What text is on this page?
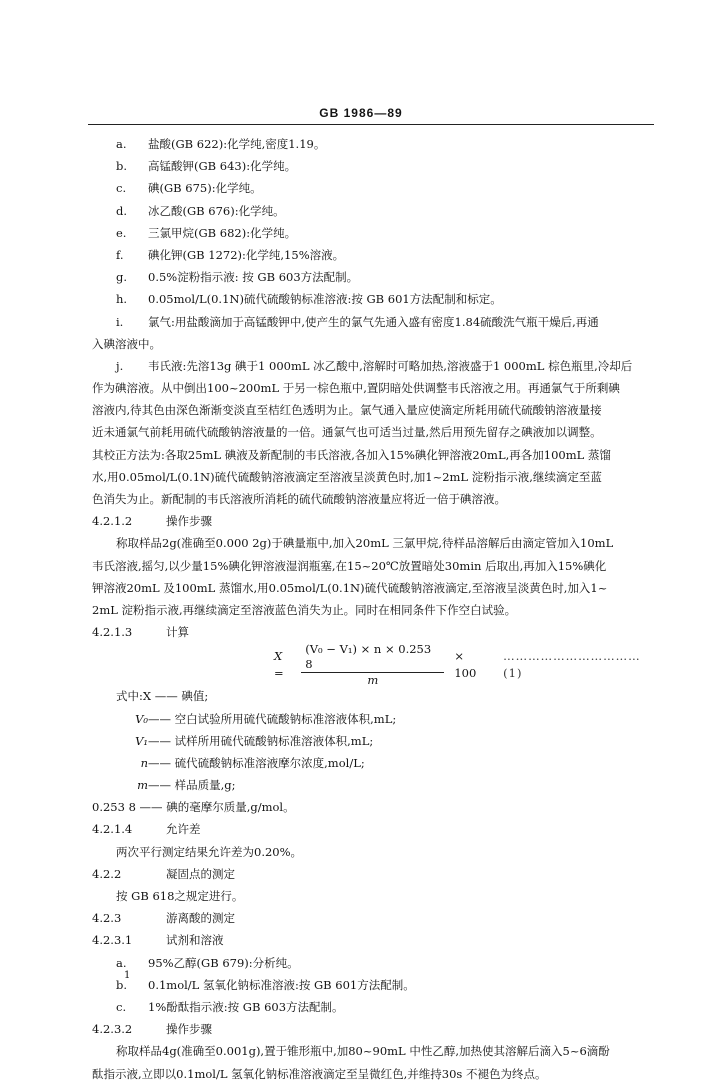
GB 1986—89

a.	盐酸(GB 622):化学纯,密度1.19。

b.	高锰酸钾(GB 643):化学纯。

c.	碘(GB 675):化学纯。

d.	冰乙酸(GB 676):化学纯。

e.	三氯甲烷(GB 682):化学纯。

f.	碘化钾(GB 1272):化学纯,15%溶液。

g.	0.5%淀粉指示液: 按 GB 603方法配制。

h.	0.05mol/L(0.1N)硫代硫酸钠标准溶液:按 GB 601方法配制和标定。

i.	氯气:用盐酸滴加于高锰酸钾中,使产生的氯气先通入盛有密度1.84硫酸洗气瓶干燥后,再通

入碘溶液中。

j.	韦氏液:先溶13g 碘于1 000mL 冰乙酸中,溶解时可略加热,溶液盛于1 000mL 棕色瓶里,冷却后

作为碘溶液。从中倒出100~200mL 于另一棕色瓶中,置阴暗处供调整韦氏溶液之用。再通氯气于所剩碘

溶液内,待其色由深色渐渐变淡直至桔红色透明为止。氯气通入量应使滴定所耗用硫代硫酸钠溶液量接

近未通氯气前耗用硫代硫酸钠溶液量的一倍。通氯气也可适当过量,然后用预先留存之碘液加以调整。

其校正方法为:各取25mL 碘液及新配制的韦氏溶液,各加入15%碘化钾溶液20mL,再各加100mL 蒸馏

水,用0.05mol/L(0.1N)硫代硫酸钠溶液滴定至溶液呈淡黄色时,加1~2mL 淀粉指示液,继续滴定至蓝

色消失为止。新配制的韦氏溶液所消耗的硫代硫酸钠溶液量应将近一倍于碘溶液。

4.2.1.2	操作步骤

称取样品2g(准确至0.000 2g)于碘量瓶中,加入20mL 三氯甲烷,待样品溶解后由滴定管加入10mL

韦氏溶液,摇匀,以少量15%碘化钾溶液湿润瓶塞,在15~20℃放置暗处30min 后取出,再加入15%碘化

钾溶液20mL 及100mL 蒸馏水,用0.05mol/L(0.1N)硫代硫酸钠溶液滴定,至溶液呈淡黄色时,加入1~

2mL 淀粉指示液,再继续滴定至溶液蓝色消失为止。同时在相同条件下作空白试验。

4.2.1.3	计算

X =	$\frac{\text{(V₀ − V₁) × n × 0.253 8}}{m} \times 100$
……………………………(1)

式中:X —— 碘值;

V₀—— 空白试验所用硫代硫酸钠标准溶液体积,mL;

V₁—— 试样所用硫代硫酸钠标准溶液体积,mL;

n—— 硫代硫酸钠标准溶液摩尔浓度,mol/L;

m—— 样品质量,g;

0.253 8 —— 碘的毫摩尔质量,g/mol。

4.2.1.4	允许差

两次平行测定结果允许差为0.20%。

4.2.2	凝固点的测定

按 GB 618之规定进行。

4.2.3	游离酸的测定

4.2.3.1	试剂和溶液

a.	95%乙醇(GB 679):分析纯。

b.	0.1mol/L 氢氧化钠标准溶液:按 GB 601方法配制。

c.	1%酚酞指示液:按 GB 603方法配制。

4.2.3.2	操作步骤

称取样品4g(准确至0.001g),置于锥形瓶中,加80~90mL 中性乙醇,加热使其溶解后滴入5~6滴酚

酞指示液,立即以0.1mol/L 氢氧化钠标准溶液滴定至呈微红色,并维持30s 不褪色为终点。

1
